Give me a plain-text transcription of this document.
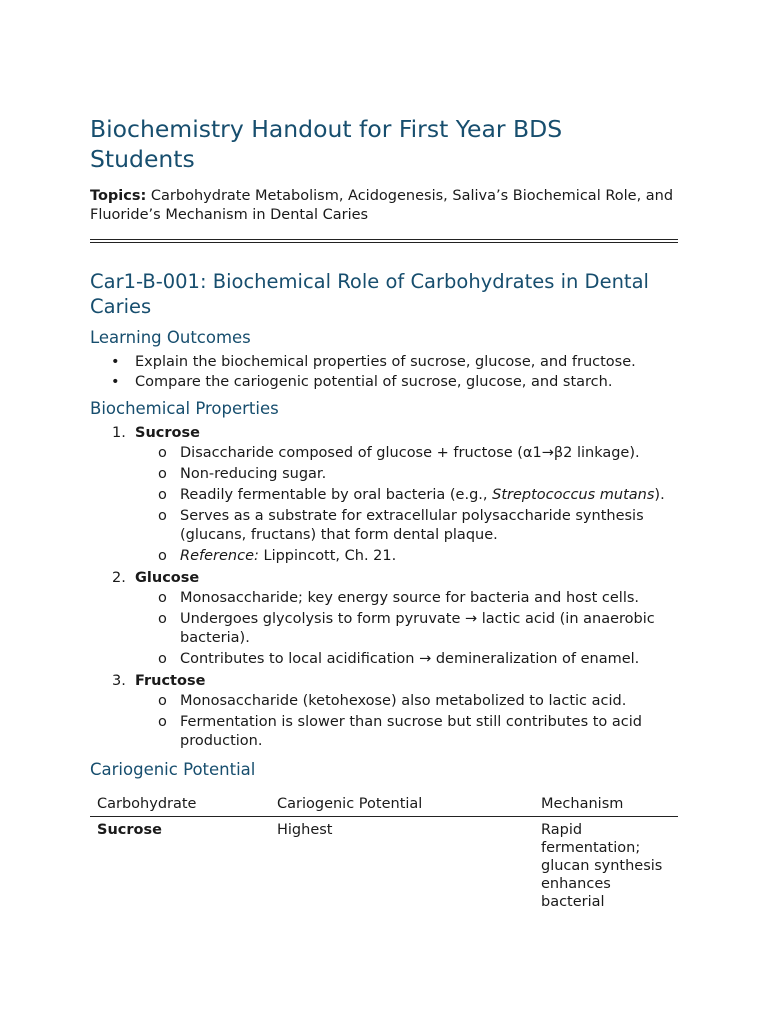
Biochemistry Handout for First Year BDS Students

Topics: Carbohydrate Metabolism, Acidogenesis, Saliva’s Biochemical Role, and Fluoride’s Mechanism in Dental Caries

Car1-B-001: Biochemical Role of Carbohydrates in Dental Caries
Learning Outcomes
• Explain the biochemical properties of sucrose, glucose, and fructose.
• Compare the cariogenic potential of sucrose, glucose, and starch.
Biochemical Properties
1. Sucrose
o Disaccharide composed of glucose + fructose (α1→β2 linkage).
o Non-reducing sugar.
o Readily fermentable by oral bacteria (e.g., Streptococcus mutans).
o Serves as a substrate for extracellular polysaccharide synthesis (glucans, fructans) that form dental plaque.
o Reference: Lippincott, Ch. 21.
2. Glucose
o Monosaccharide; key energy source for bacteria and host cells.
o Undergoes glycolysis to form pyruvate → lactic acid (in anaerobic bacteria).
o Contributes to local acidification → demineralization of enamel.
3. Fructose
o Monosaccharide (ketohexose) also metabolized to lactic acid.
o Fermentation is slower than sucrose but still contributes to acid production.
Cariogenic Potential
Carbohydrate	Cariogenic Potential	Mechanism
Sucrose	Highest	Rapid fermentation; glucan synthesis enhances bacterial
